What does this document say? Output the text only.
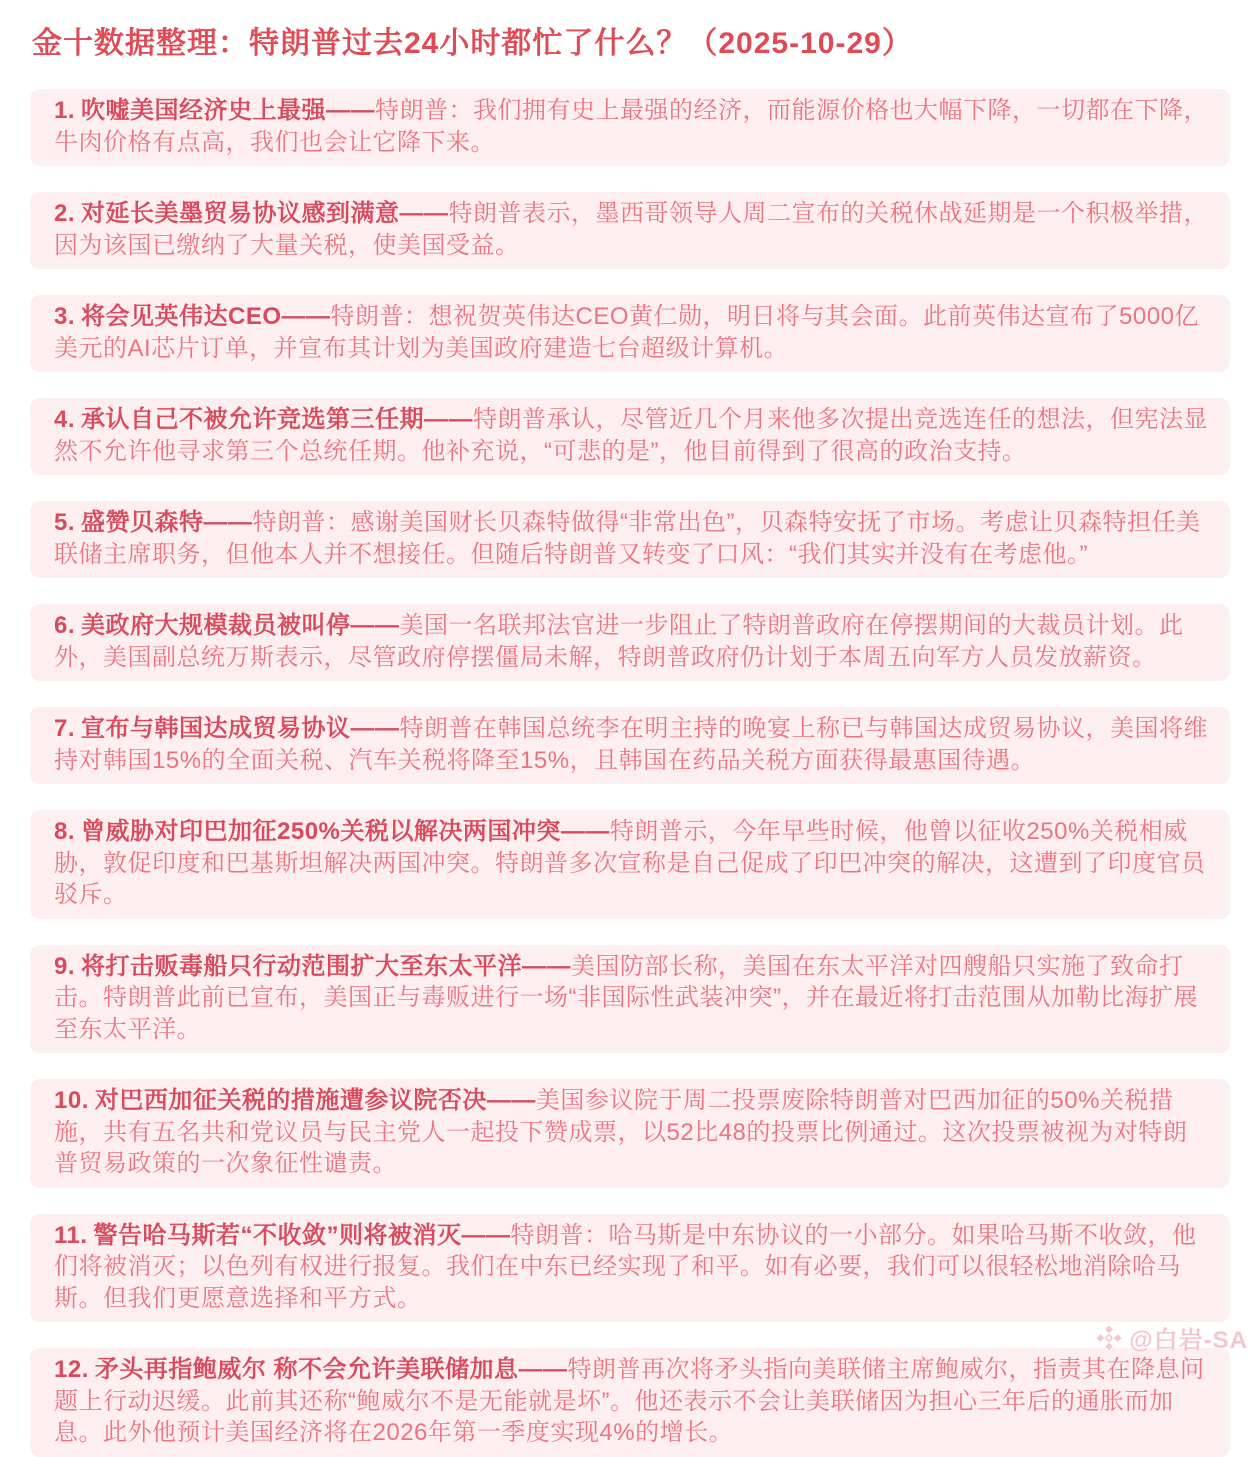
金十数据整理：特朗普过去24小时都忙了什么？（2025-10-29）
1. 吹嘘美国经济史上最强——特朗普：我们拥有史上最强的经济，而能源价格也大幅下降，一切都在下降，牛肉价格有点高，我们也会让它降下来。
2. 对延长美墨贸易协议感到满意——特朗普表示，墨西哥领导人周二宣布的关税休战延期是一个积极举措，因为该国已缴纳了大量关税，使美国受益。
3. 将会见英伟达CEO——特朗普：想祝贺英伟达CEO黄仁勋，明日将与其会面。此前英伟达宣布了5000亿美元的AI芯片订单，并宣布其计划为美国政府建造七台超级计算机。
4. 承认自己不被允许竞选第三任期——特朗普承认，尽管近几个月来他多次提出竞选连任的想法，但宪法显然不允许他寻求第三个总统任期。他补充说，“可悲的是”，他目前得到了很高的政治支持。
5. 盛赞贝森特——特朗普：感谢美国财长贝森特做得“非常出色”，贝森特安抚了市场。考虑让贝森特担任美联储主席职务，但他本人并不想接任。但随后特朗普又转变了口风：“我们其实并没有在考虑他。”
6. 美政府大规模裁员被叫停——美国一名联邦法官进一步阻止了特朗普政府在停摆期间的大裁员计划。此外，美国副总统万斯表示，尽管政府停摆僵局未解，特朗普政府仍计划于本周五向军方人员发放薪资。
7. 宣布与韩国达成贸易协议——特朗普在韩国总统李在明主持的晚宴上称已与韩国达成贸易协议，美国将维持对韩国15%的全面关税、汽车关税将降至15%，且韩国在药品关税方面获得最惠国待遇。
8. 曾威胁对印巴加征250%关税以解决两国冲突——特朗普示，今年早些时候，他曾以征收250%关税相威胁，敦促印度和巴基斯坦解决两国冲突。特朗普多次宣称是自己促成了印巴冲突的解决，这遭到了印度官员驳斥。
9. 将打击贩毒船只行动范围扩大至东太平洋——美国防部长称，美国在东太平洋对四艘船只实施了致命打击。特朗普此前已宣布，美国正与毒贩进行一场“非国际性武装冲突”，并在最近将打击范围从加勒比海扩展至东太平洋。
10. 对巴西加征关税的措施遭参议院否决——美国参议院于周二投票废除特朗普对巴西加征的50%关税措施，共有五名共和党议员与民主党人一起投下赞成票，以52比48的投票比例通过。这次投票被视为对特朗普贸易政策的一次象征性谴责。
11. 警告哈马斯若“不收敛”则将被消灭——特朗普：哈马斯是中东协议的一小部分。如果哈马斯不收敛，他们将被消灭；以色列有权进行报复。我们在中东已经实现了和平。如有必要，我们可以很轻松地消除哈马斯。但我们更愿意选择和平方式。
12. 矛头再指鲍威尔 称不会允许美联储加息——特朗普再次将矛头指向美联储主席鲍威尔，指责其在降息问题上行动迟缓。此前其还称“鲍威尔不是无能就是坏”。他还表示不会让美联储因为担心三年后的通胀而加息。此外他预计美国经济将在2026年第一季度实现4%的增长。
@白岩-SA
